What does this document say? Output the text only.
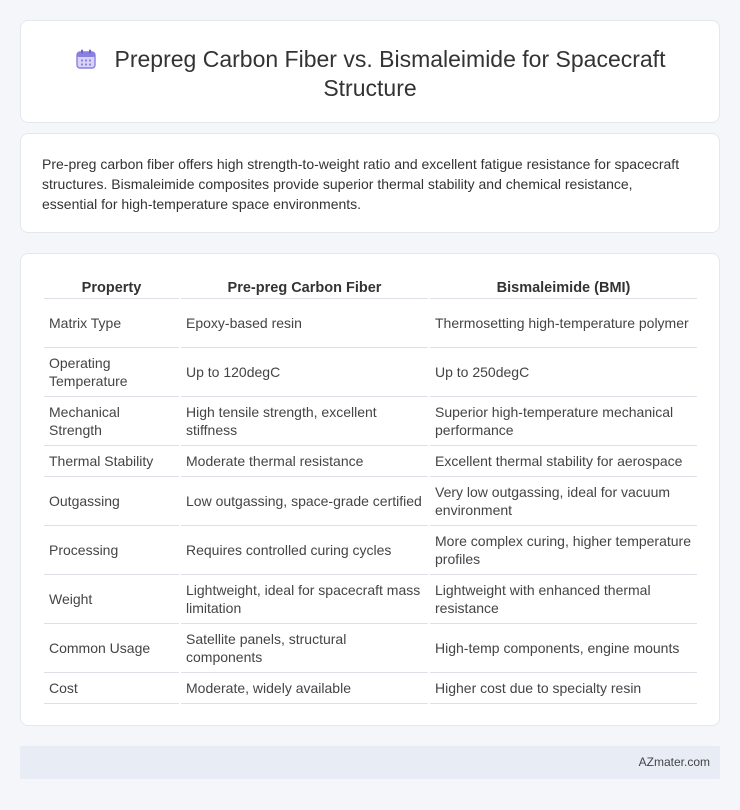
Prepreg Carbon Fiber vs. Bismaleimide for Spacecraft Structure

Pre-preg carbon fiber offers high strength-to-weight ratio and excellent fatigue resistance for spacecraft structures. Bismaleimide composites provide superior thermal stability and chemical resistance, essential for high-temperature space environments.

Property	Pre-preg Carbon Fiber	Bismaleimide (BMI)
Matrix Type	Epoxy-based resin	Thermosetting high-temperature polymer
Operating Temperature	Up to 120degC	Up to 250degC
Mechanical Strength	High tensile strength, excellent stiffness	Superior high-temperature mechanical performance
Thermal Stability	Moderate thermal resistance	Excellent thermal stability for aerospace
Outgassing	Low outgassing, space-grade certified	Very low outgassing, ideal for vacuum environment
Processing	Requires controlled curing cycles	More complex curing, higher temperature profiles
Weight	Lightweight, ideal for spacecraft mass limitation	Lightweight with enhanced thermal resistance
Common Usage	Satellite panels, structural components	High-temp components, engine mounts
Cost	Moderate, widely available	Higher cost due to specialty resin
AZmater.com
